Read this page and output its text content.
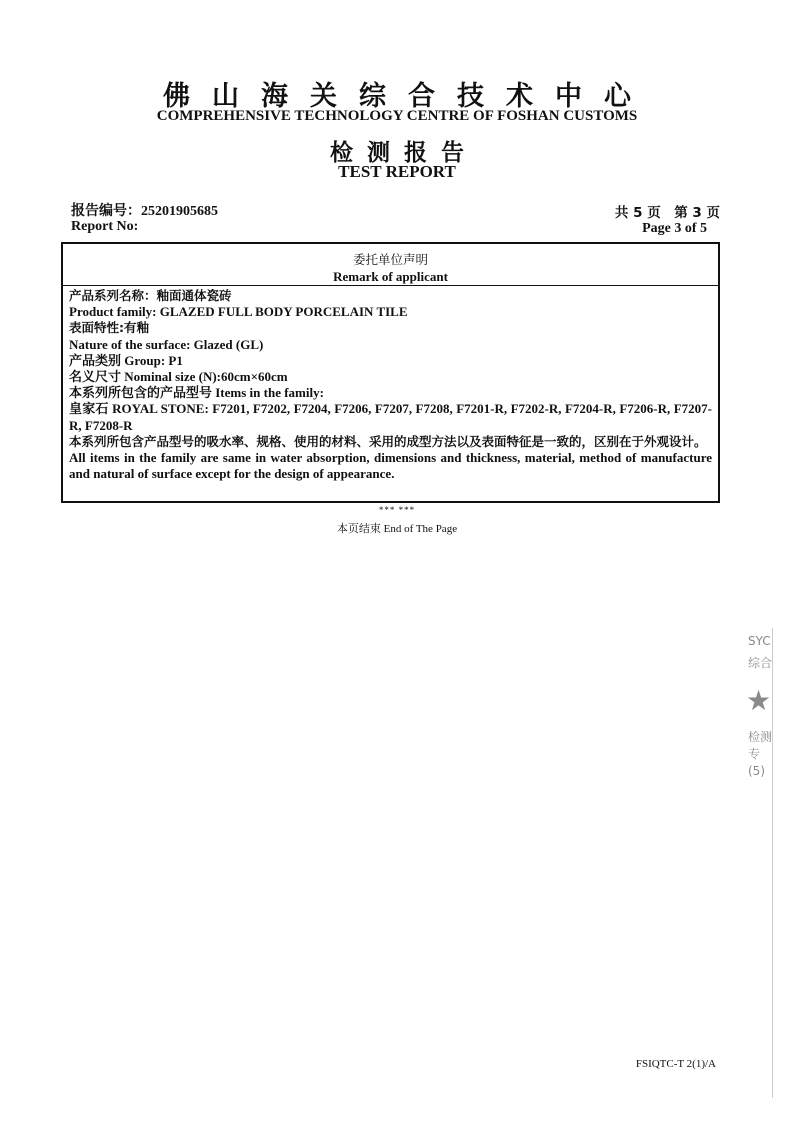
佛山海关综合技术中心
COMPREHENSIVE TECHNOLOGY CENTRE OF FOSHAN CUSTOMS
检测报告
TEST REPORT
报告编号：25201905685
Report No:
共 5 页　第 3 页
Page 3 of 5
委托单位声明
Remark of applicant
产品系列名称：釉面通体瓷砖
Product family: GLAZED FULL BODY PORCELAIN TILE
表面特性:有釉
Nature of the surface: Glazed (GL)
产品类别 Group: P1
名义尺寸 Nominal size (N):60cm×60cm
本系列所包含的产品型号 Items in the family:
皇家石 ROYAL STONE: F7201, F7202, F7204, F7206, F7207, F7208, F7201-R, F7202-R, F7204-R, F7206-R, F7207-R, F7208-R
本系列所包含产品型号的吸水率、规格、使用的材料、采用的成型方法以及表面特征是一致的，区别在于外观设计。
All items in the family are same in water absorption, dimensions and thickness, material, method of manufacture and natural of surface except for the design of appearance.
*** ***
本页结束 End of The Page
FSIQTC-T 2(1)/A
SYC
综合
★
检测专
(5)
